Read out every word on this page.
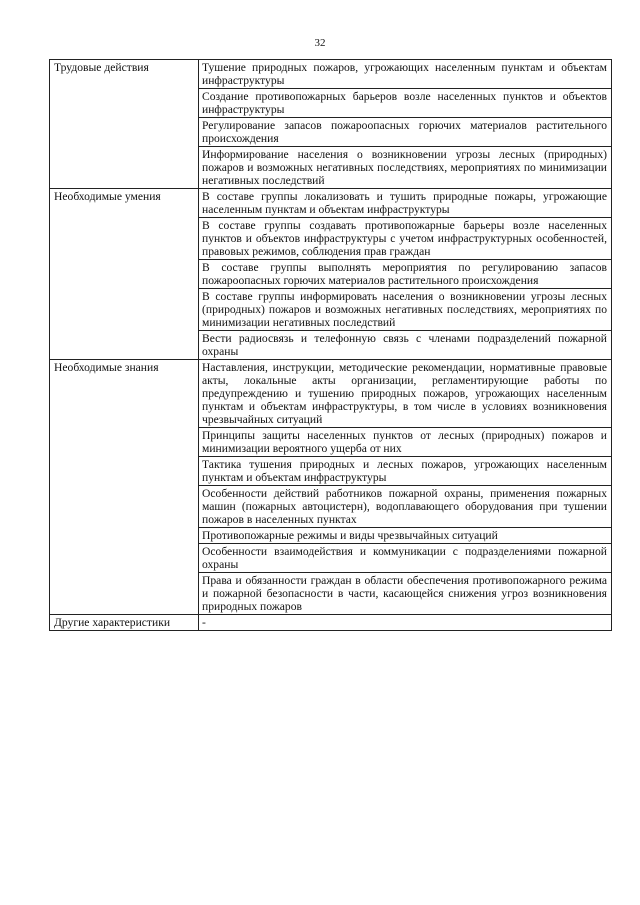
32
Трудовые действия	Тушение природных пожаров, угрожающих населенным пунктам и объектам инфраструктуры
	Создание противопожарных барьеров возле населенных пунктов и объектов инфраструктуры
	Регулирование запасов пожароопасных горючих материалов растительного происхождения
	Информирование населения о возникновении угрозы лесных (природных) пожаров и возможных негативных последствиях, мероприятиях по минимизации негативных последствий
Необходимые умения	В составе группы локализовать и тушить природные пожары, угрожающие населенным пунктам и объектам инфраструктуры
	В составе группы создавать противопожарные барьеры возле населенных пунктов и объектов инфраструктуры с учетом инфраструктурных особенностей, правовых режимов, соблюдения прав граждан
	В составе группы выполнять мероприятия по регулированию запасов пожароопасных горючих материалов растительного происхождения
	В составе группы информировать населения о возникновении угрозы лесных (природных) пожаров и возможных негативных последствиях, мероприятиях по минимизации негативных последствий
	Вести радиосвязь и телефонную связь с членами подразделений пожарной охраны
Необходимые знания	Наставления, инструкции, методические рекомендации, нормативные правовые акты, локальные акты организации, регламентирующие работы по предупреждению и тушению природных пожаров, угрожающих населенным пунктам и объектам инфраструктуры, в том числе в условиях возникновения чрезвычайных ситуаций
	Принципы защиты населенных пунктов от лесных (природных) пожаров и минимизации вероятного ущерба от них
	Тактика тушения природных и лесных пожаров, угрожающих населенным пунктам и объектам инфраструктуры
	Особенности действий работников пожарной охраны, применения пожарных машин (пожарных автоцистерн), водоплавающего оборудования при тушении пожаров в населенных пунктах
	Противопожарные режимы и виды чрезвычайных ситуаций
	Особенности взаимодействия и коммуникации с подразделениями пожарной охраны
	Права и обязанности граждан в области обеспечения противопожарного режима и пожарной безопасности в части, касающейся снижения угроз возникновения природных пожаров
Другие характеристики	-
